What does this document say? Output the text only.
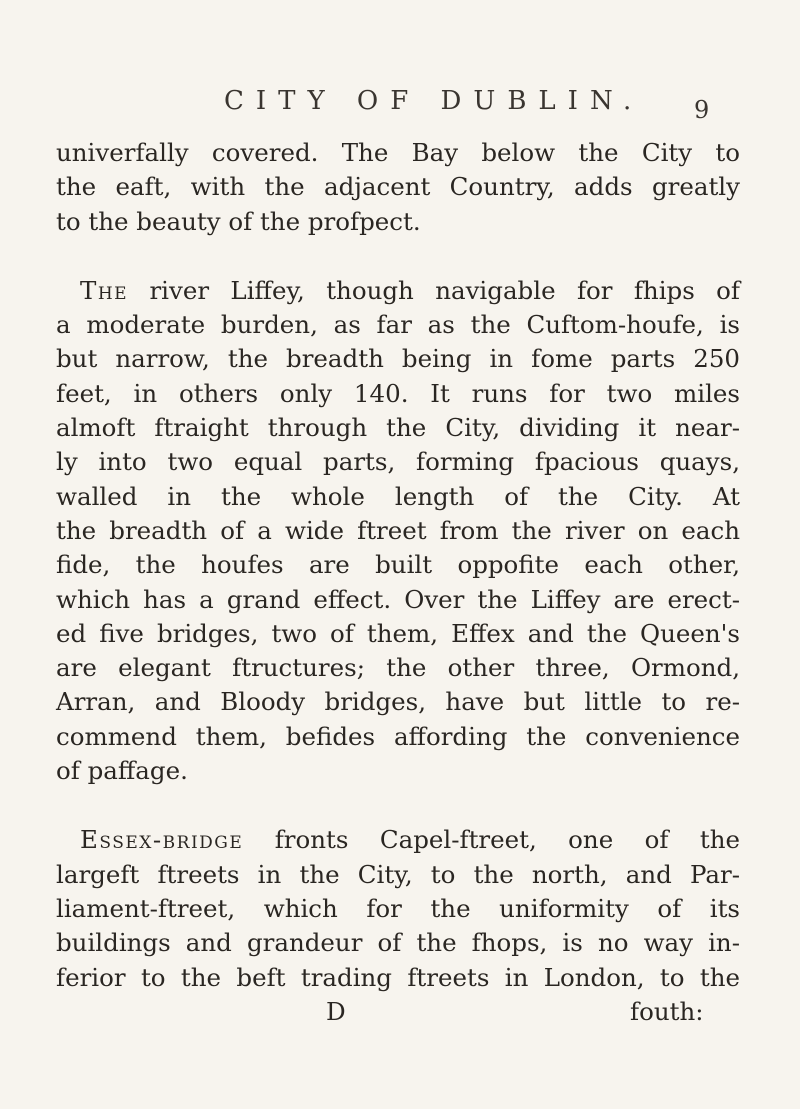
CITY OF DUBLIN. 9
univerfally covered. The Bay below the City to
the eaft, with the adjacent Country, adds greatly
to the beauty of the profpect.
The river Liffey, though navigable for fhips of
a moderate burden, as far as the Cuftom-houfe, is
but narrow, the breadth being in fome parts 250
feet, in others only 140. It runs for two miles
almoft ftraight through the City, dividing it near-
ly into two equal parts, forming fpacious quays,
walled in the whole length of the City. At
the breadth of a wide ftreet from the river on each
fide, the houfes are built oppofite each other,
which has a grand effect. Over the Liffey are erect-
ed five bridges, two of them, Effex and the Queen's
are elegant ftructures; the other three, Ormond,
Arran, and Bloody bridges, have but little to re-
commend them, befides affording the convenience
of paffage.
Essex-bridge fronts Capel-ftreet, one of the
largeft ftreets in the City, to the north, and Par-
liament-ftreet, which for the uniformity of its
buildings and grandeur of the fhops, is no way in-
ferior to the beft trading ftreets in London, to the
D	fouth:
